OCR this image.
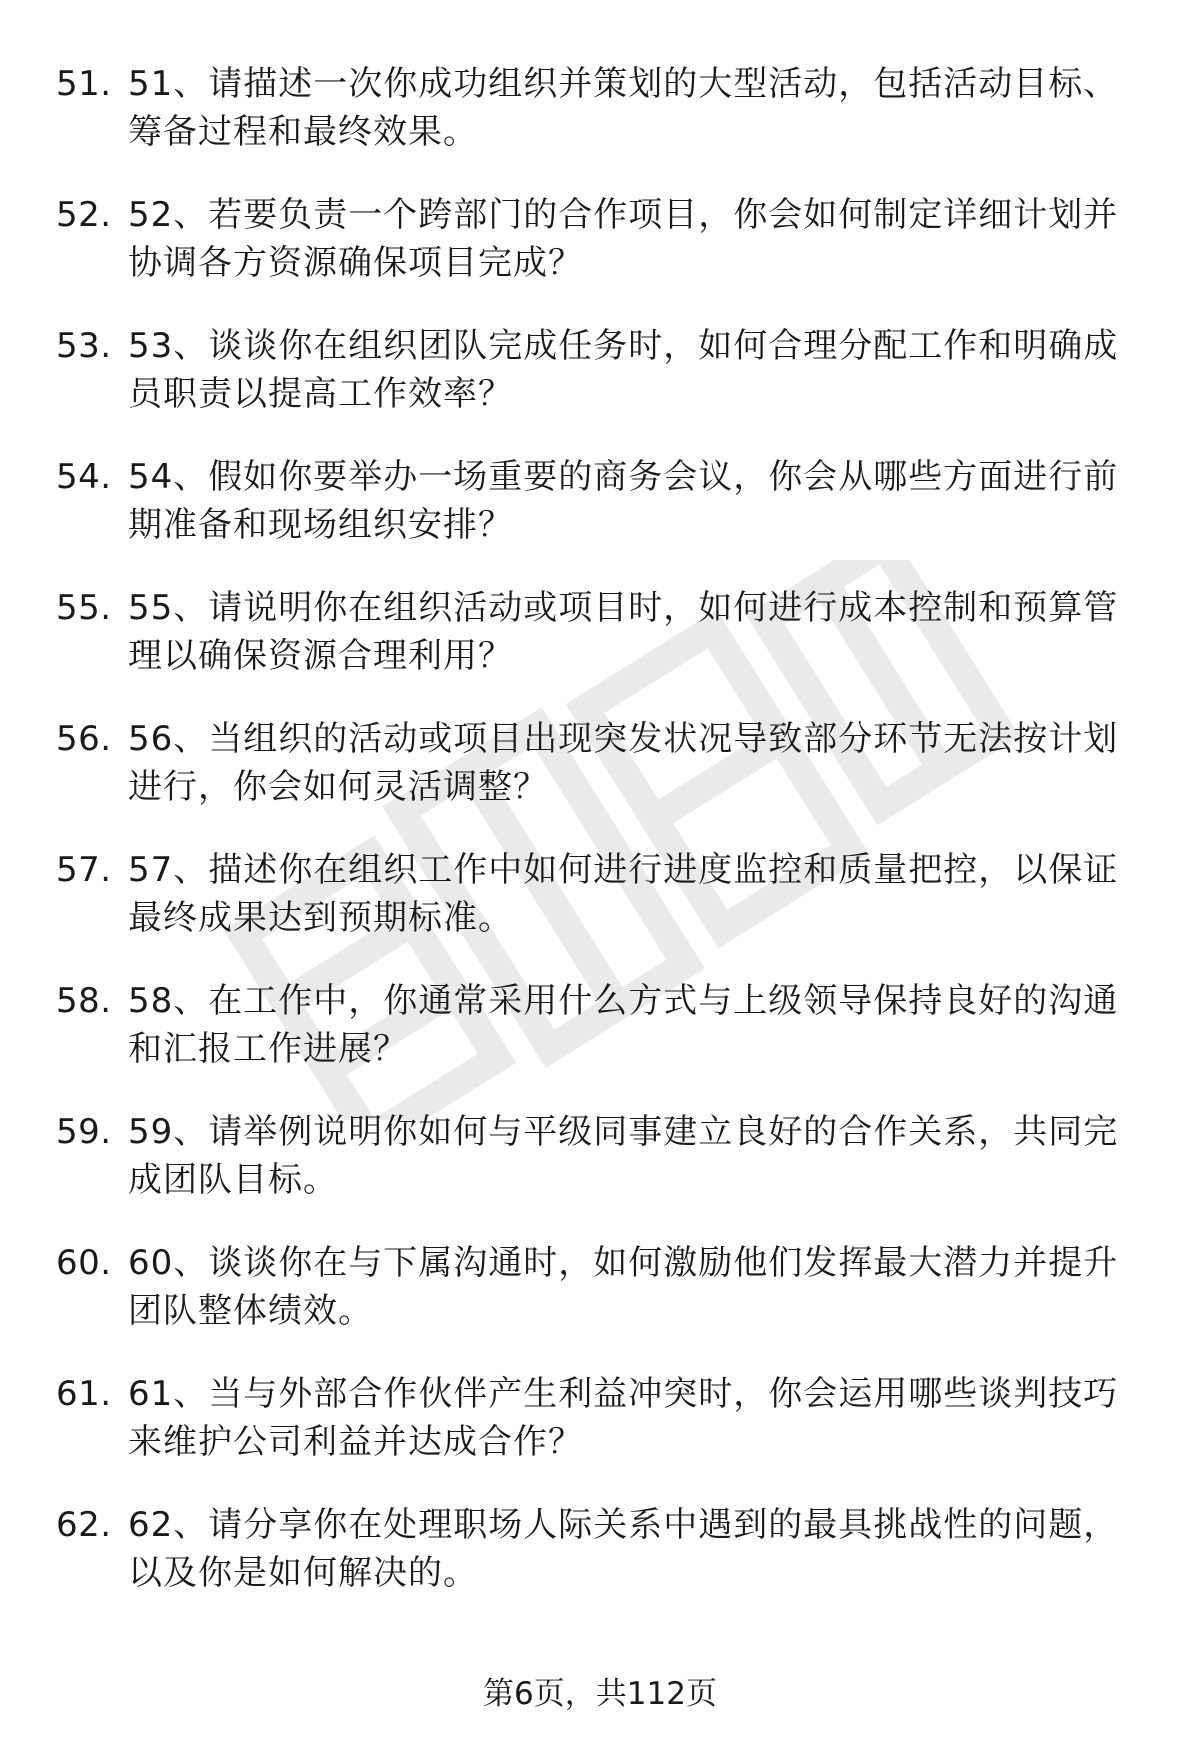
51. 51、请描述一次你成功组织并策划的大型活动，包括活动目标、筹备过程和最终效果。
52. 52、若要负责一个跨部门的合作项目，你会如何制定详细计划并协调各方资源确保项目完成？
53. 53、谈谈你在组织团队完成任务时，如何合理分配工作和明确成员职责以提高工作效率？
54. 54、假如你要举办一场重要的商务会议，你会从哪些方面进行前期准备和现场组织安排？
55. 55、请说明你在组织活动或项目时，如何进行成本控制和预算管理以确保资源合理利用？
56. 56、当组织的活动或项目出现突发状况导致部分环节无法按计划进行，你会如何灵活调整？
57. 57、描述你在组织工作中如何进行进度监控和质量把控，以保证最终成果达到预期标准。
58. 58、在工作中，你通常采用什么方式与上级领导保持良好的沟通和汇报工作进展？
59. 59、请举例说明你如何与平级同事建立良好的合作关系，共同完成团队目标。
60. 60、谈谈你在与下属沟通时，如何激励他们发挥最大潜力并提升团队整体绩效。
61. 61、当与外部合作伙伴产生利益冲突时，你会运用哪些谈判技巧来维护公司利益并达成合作？
62. 62、请分享你在处理职场人际关系中遇到的最具挑战性的问题，以及你是如何解决的。
第6页，共112页
